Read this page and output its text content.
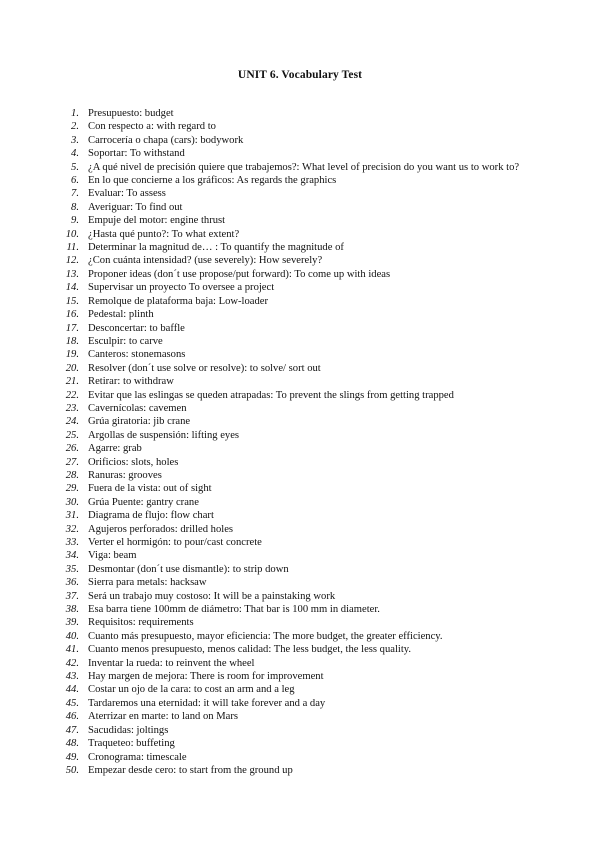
UNIT 6. Vocabulary Test
1. Presupuesto: budget
2. Con respecto a: with regard to
3. Carrocería o chapa (cars): bodywork
4. Soportar: To withstand
5. ¿A qué nivel de precisión quiere que trabajemos?: What level of precision do you want us to work to?
6. En lo que concierne a los gráficos: As regards the graphics
7. Evaluar: To assess
8. Averiguar: To find out
9. Empuje del motor: engine thrust
10. ¿Hasta qué punto?: To what extent?
11. Determinar la magnitud de… : To quantify the magnitude of
12. ¿Con cuánta intensidad? (use severely): How severely?
13. Proponer ideas (don´t use propose/put forward): To come up with ideas
14. Supervisar un proyecto To oversee a project
15. Remolque de plataforma baja: Low-loader
16. Pedestal: plinth
17. Desconcertar: to baffle
18. Esculpir: to carve
19. Canteros: stonemasons
20. Resolver (don´t use solve or resolve): to solve/ sort out
21. Retirar: to withdraw
22. Evitar que las eslingas se queden atrapadas: To prevent the slings from getting trapped
23. Cavernícolas: cavemen
24. Grúa giratoria: jib crane
25. Argollas de suspensión: lifting eyes
26. Agarre: grab
27. Orificios: slots, holes
28. Ranuras: grooves
29. Fuera de la vista: out of sight
30. Grúa Puente: gantry crane
31. Diagrama de flujo: flow chart
32. Agujeros perforados: drilled holes
33. Verter el hormigón: to pour/cast concrete
34. Viga: beam
35. Desmontar (don´t use dismantle): to strip down
36. Sierra para metals: hacksaw
37. Será un trabajo muy costoso: It will be a painstaking work
38. Esa barra tiene 100mm de diámetro: That bar is 100 mm in diameter.
39. Requisitos: requirements
40. Cuanto más presupuesto, mayor eficiencia: The more budget, the greater efficiency.
41. Cuanto menos presupuesto, menos calidad: The less budget, the less quality.
42. Inventar la rueda: to reinvent the wheel
43. Hay margen de mejora: There is room for improvement
44. Costar un ojo de la cara: to cost an arm and a leg
45. Tardaremos una eternidad: it will take forever and a day
46. Aterrizar en marte: to land on Mars
47. Sacudidas: joltings
48. Traqueteo: buffeting
49. Cronograma: timescale
50. Empezar desde cero: to start from the ground up
